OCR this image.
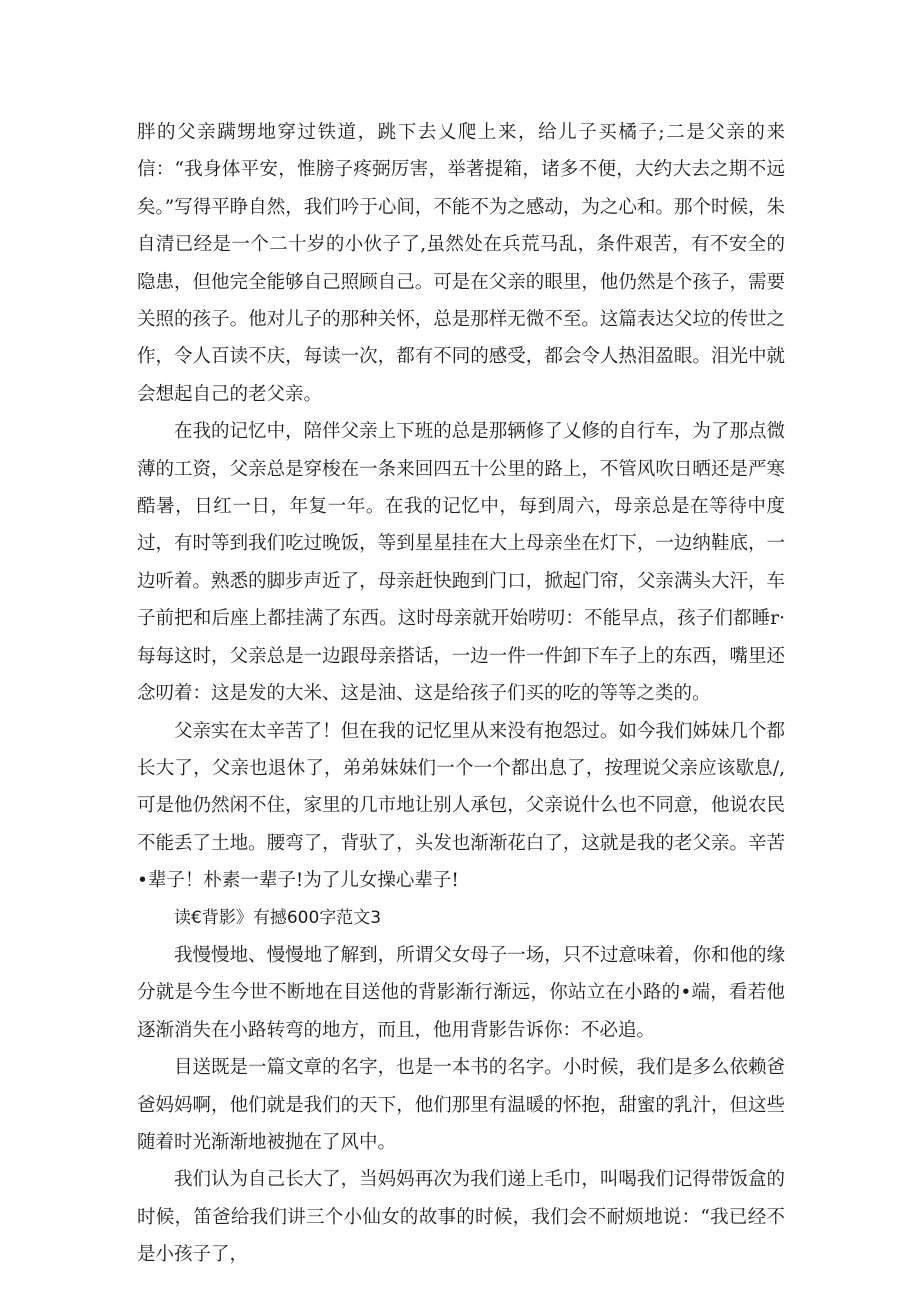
胖的父亲蹒甥地穿过铁道，跳下去乂爬上来，给儿子买橘子;二是父亲的来信：“我身体平安，惟膀子疼弼厉害，举著提箱，诸多不便，大约大去之期不远矣。”写得平睁自然，我们吟于心间，不能不为之感动，为之心和。那个时候，朱自清已经是一个二十岁的小伙子了,虽然处在兵荒马乱，条件艰苦，有不安全的隐患，但他完全能够自己照顾自己。可是在父亲的眼里，他仍然是个孩子，需要关照的孩子。他对儿子的那种关怀，总是那样无微不至。这篇表达父垃的传世之作，令人百读不庆，每读一次，都有不同的感受，都会令人热泪盈眼。泪光中就会想起自己的老父亲。

在我的记忆中，陪伴父亲上下班的总是那辆修了乂修的自行车，为了那点微薄的工资，父亲总是穿梭在一条来回四五十公里的路上，不管风吹日晒还是严寒酷暑，日红一日，年复一年。在我的记忆中，每到周六，母亲总是在等待中度过，有时等到我们吃过晚饭，等到星星挂在大上母亲坐在灯下，一边纳鞋底，一边听着。熟悉的脚步声近了，母亲赶快跑到门口，掀起门帘，父亲满头大汗，车子前把和后座上都挂满了东西。这时母亲就开始唠叨：不能早点，孩子们都睡r·每每这时，父亲总是一边跟母亲搭话，一边一件一件卸下车子上的东西，嘴里还念叨着：这是发的大米、这是油、这是给孩子们买的吃的等等之类的。

父亲实在太辛苦了！但在我的记忆里从来没有抱怨过。如今我们姊妹几个都长大了，父亲也退休了，弟弟妹妹们一个一个都出息了，按理说父亲应该歇息/,可是他仍然闲不住，家里的几市地让别人承包，父亲说什么也不同意，他说农民不能丢了土地。腰弯了，背驮了，头发也渐渐花白了，这就是我的老父亲。辛苦•辈子！朴素一辈子!为了儿女操心辈子!

读€背影》有撼600字范文3

我慢慢地、慢慢地了解到，所谓父女母子一场，只不过意味着，你和他的缘分就是今生今世不断地在目送他的背影渐行渐远，你站立在小路的•端，看若他逐渐消失在小路转弯的地方，而且，他用背影告诉你：不必追。

目送既是一篇文章的名字，也是一本书的名字。小时候，我们是多么依赖爸爸妈妈啊，他们就是我们的天下，他们那里有温暖的怀抱，甜蜜的乳汁，但这些随着时光渐渐地被抛在了风中。

我们认为自己长大了，当妈妈再次为我们递上毛巾，叫喝我们记得带饭盒的时候，笛爸给我们讲三个小仙女的故事的时候，我们会不耐烦地说：“我已经不是小孩子了，
